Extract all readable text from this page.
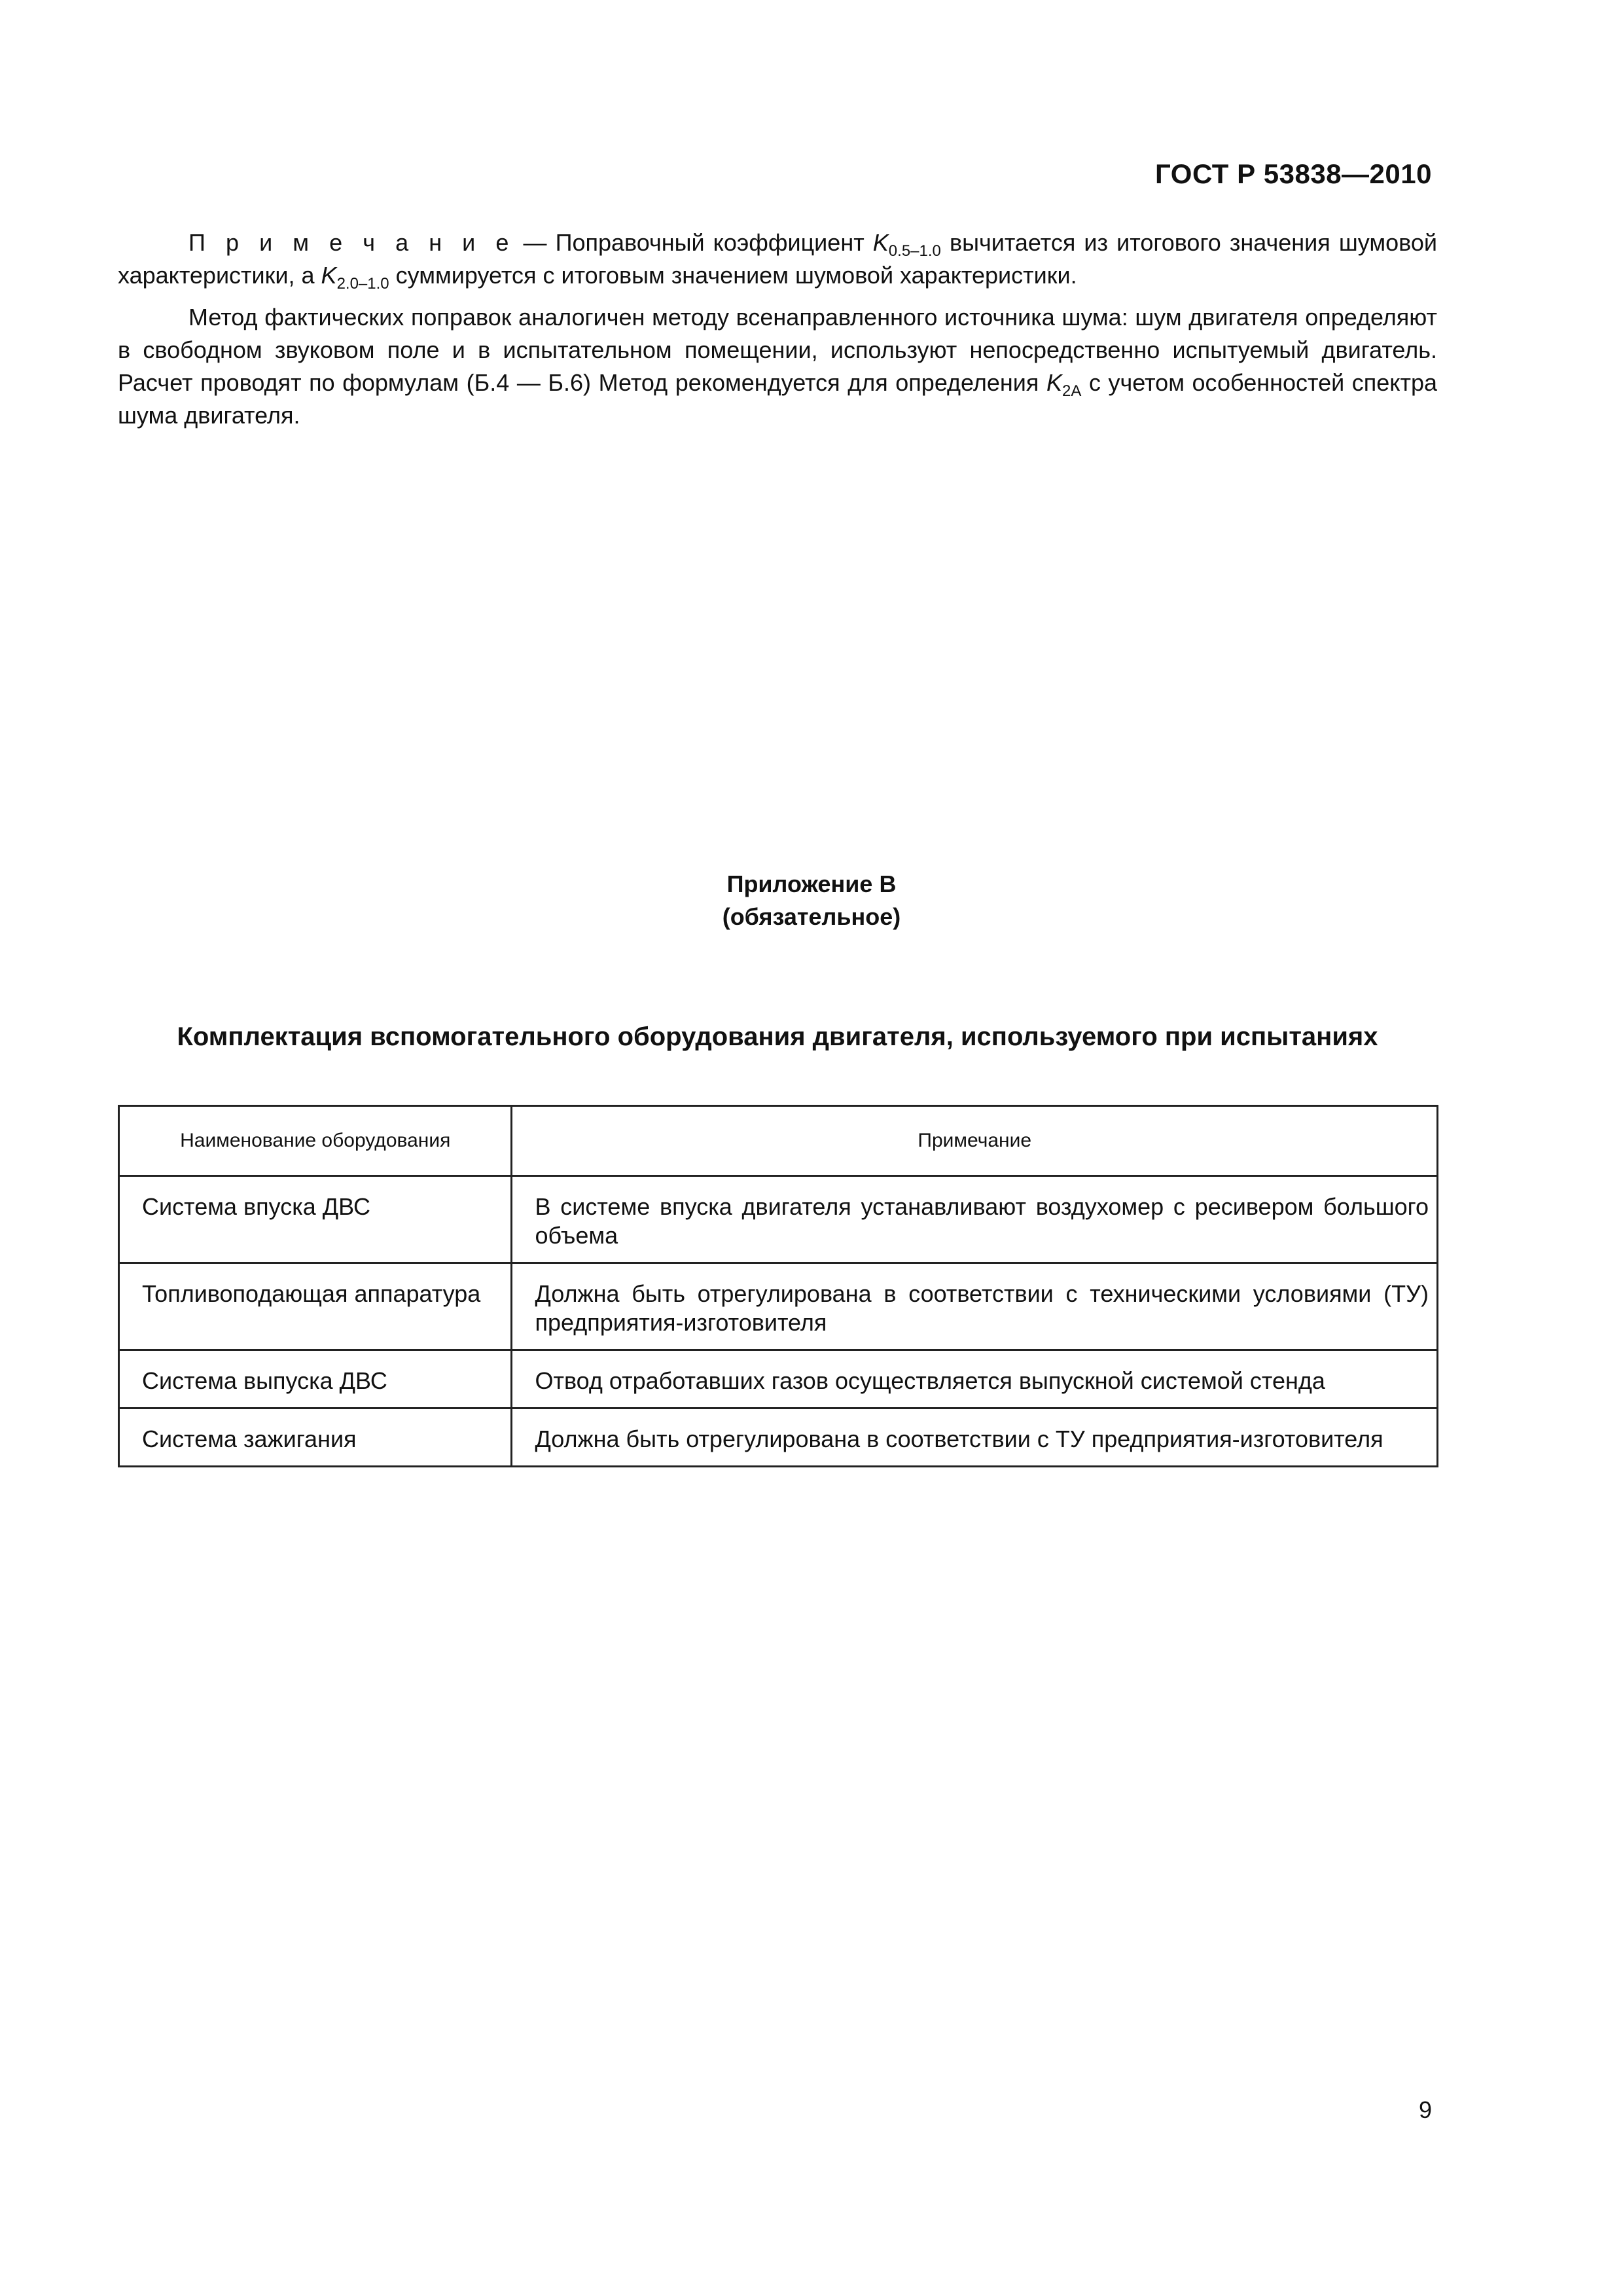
ГОСТ Р 53838—2010

П р и м е ч а н и е — Поправочный коэффициент $K_{0.5-1.0}$ вычитается из итогового значения шумовой характеристики, а $K_{2.0-1.0}$ суммируется с итоговым значением шумовой характеристики.

Метод фактических поправок аналогичен методу всенаправленного источника шума: шум двигателя определяют в свободном звуковом поле и в испытательном помещении, используют непосредственно испытуемый двигатель. Расчет проводят по формулам (Б.4 — Б.6) Метод рекомендуется для определения $K_{2A}$ с учетом особенностей спектра шума двигателя.

Приложение В
(обязательное)
Комплектация вспомогательного оборудования двигателя, используемого при испытаниях
Наименование оборудования	Примечание
Система впуска ДВС	В системе впуска двигателя устанавливают воздухомер с ресивером большого объема
Топливоподающая аппаратура	Должна быть отрегулирована в соответствии с техническими условиями (ТУ) предприятия-изготовителя
Система выпуска ДВС	Отвод отработавших газов осуществляется выпускной системой стенда
Система зажигания	Должна быть отрегулирована в соответствии с ТУ предприятия-изготовителя
9
